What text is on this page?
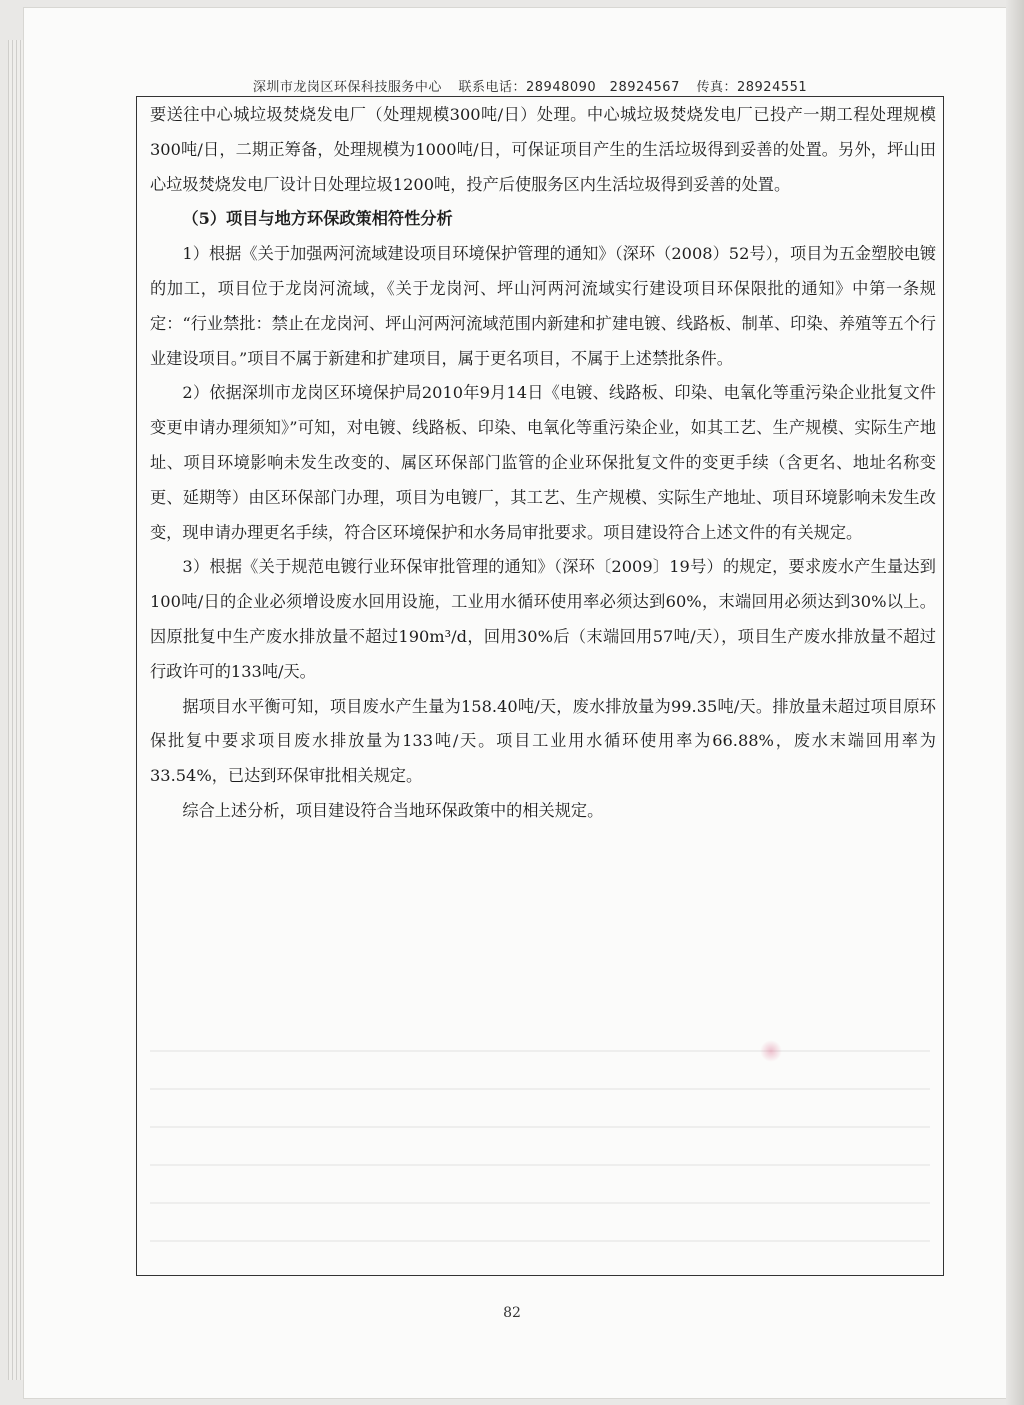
深圳市龙岗区环保科技服务中心 联系电话：28948090　28924567 传真：28924551

要送往中心城垃圾焚烧发电厂（处理规模300吨/日）处理。中心城垃圾焚烧发电厂已投产一期工程处理规模300吨/日，二期正筹备，处理规模为1000吨/日，可保证项目产生的生活垃圾得到妥善的处置。另外，坪山田心垃圾焚烧发电厂设计日处理垃圾1200吨，投产后使服务区内生活垃圾得到妥善的处置。

（5）项目与地方环保政策相符性分析

1）根据《关于加强两河流域建设项目环境保护管理的通知》（深环（2008）52号），项目为五金塑胶电镀的加工，项目位于龙岗河流域，《关于龙岗河、坪山河两河流域实行建设项目环保限批的通知》中第一条规定：“行业禁批：禁止在龙岗河、坪山河两河流域范围内新建和扩建电镀、线路板、制革、印染、养殖等五个行业建设项目。”项目不属于新建和扩建项目，属于更名项目，不属于上述禁批条件。

2）依据深圳市龙岗区环境保护局2010年9月14日《电镀、线路板、印染、电氧化等重污染企业批复文件变更申请办理须知》”可知，对电镀、线路板、印染、电氧化等重污染企业，如其工艺、生产规模、实际生产地址、项目环境影响未发生改变的、属区环保部门监管的企业环保批复文件的变更手续（含更名、地址名称变更、延期等）由区环保部门办理，项目为电镀厂，其工艺、生产规模、实际生产地址、项目环境影响未发生改变，现申请办理更名手续，符合区环境保护和水务局审批要求。项目建设符合上述文件的有关规定。

3）根据《关于规范电镀行业环保审批管理的通知》（深环〔2009〕19号）的规定，要求废水产生量达到100吨/日的企业必须增设废水回用设施，工业用水循环使用率必须达到60%，末端回用必须达到30%以上。因原批复中生产废水排放量不超过190m³/d，回用30%后（末端回用57吨/天），项目生产废水排放量不超过行政许可的133吨/天。

据项目水平衡可知，项目废水产生量为158.40吨/天，废水排放量为99.35吨/天。排放量未超过项目原环保批复中要求项目废水排放量为133吨/天。项目工业用水循环使用率为66.88%，废水末端回用率为33.54%，已达到环保审批相关规定。

综合上述分析，项目建设符合当地环保政策中的相关规定。

82
